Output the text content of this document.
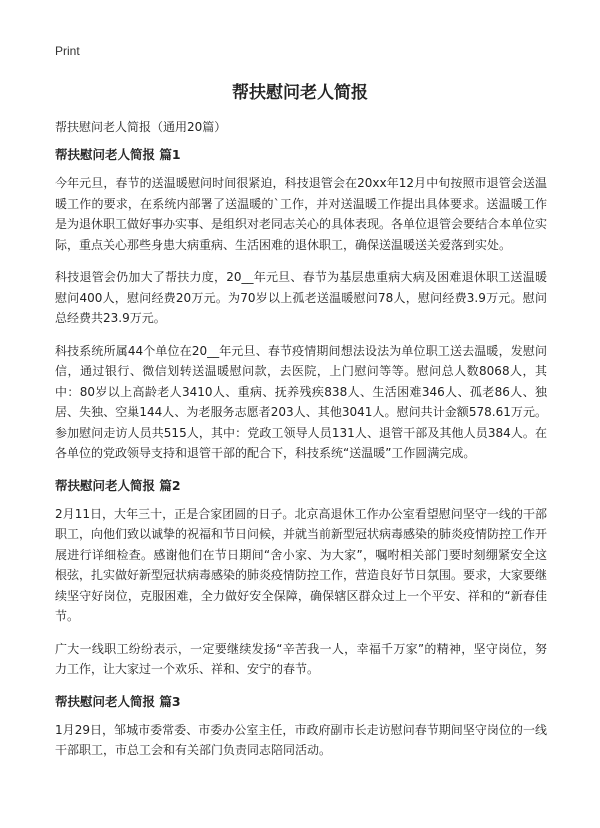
Print
帮扶慰问老人简报

帮扶慰问老人简报（通用20篇）

帮扶慰问老人简报 篇1

今年元旦，春节的送温暖慰问时间很紧迫，科技退管会在20xx年12月中旬按照市退管会送温暖工作的要求，在系统内部署了送温暖的`工作，并对送温暖工作提出具体要求。送温暖工作是为退休职工做好事办实事、是组织对老同志关心的具体表现。各单位退管会要结合本单位实际，重点关心那些身患大病重病、生活困难的退休职工，确保送温暖送关爱落到实处。

科技退管会仍加大了帮扶力度，20__年元旦、春节为基层患重病大病及困难退休职工送温暖慰问400人，慰问经费20万元。为70岁以上孤老送温暖慰问78人，慰问经费3.9万元。慰问总经费共23.9万元。

科技系统所属44个单位在20__年元旦、春节疫情期间想法设法为单位职工送去温暖，发慰问信，通过银行、微信划转送温暖慰问款，去医院，上门慰问等等。慰问总人数8068人，其中：80岁以上高龄老人3410人、重病、抚养残疾838人、生活困难346人、孤老86人、独居、失独、空巢144人、为老服务志愿者203人、其他3041人。慰问共计金额578.61万元。参加慰问走访人员共515人，其中：党政工领导人员131人、退管干部及其他人员384人。在各单位的党政领导支持和退管干部的配合下，科技系统“送温暖”工作圆满完成。

帮扶慰问老人简报 篇2

2月11日，大年三十，正是合家团圆的日子。北京高退休工作办公室看望慰问坚守一线的干部职工，向他们致以诚挚的祝福和节日问候，并就当前新型冠状病毒感染的肺炎疫情防控工作开展进行详细检查。感谢他们在节日期间“舍小家、为大家”，嘱咐相关部门要时刻绷紧安全这根弦，扎实做好新型冠状病毒感染的肺炎疫情防控工作，营造良好节日氛围。要求，大家要继续坚守好岗位，克服困难，全力做好安全保障，确保辖区群众过上一个平安、祥和的“新春佳节。

广大一线职工纷纷表示，一定要继续发扬“辛苦我一人，幸福千万家”的精神，坚守岗位，努力工作，让大家过一个欢乐、祥和、安宁的春节。

帮扶慰问老人简报 篇3

1月29日，邹城市委常委、市委办公室主任，市政府副市长走访慰问春节期间坚守岗位的一线干部职工，市总工会和有关部门负责同志陪同活动。
